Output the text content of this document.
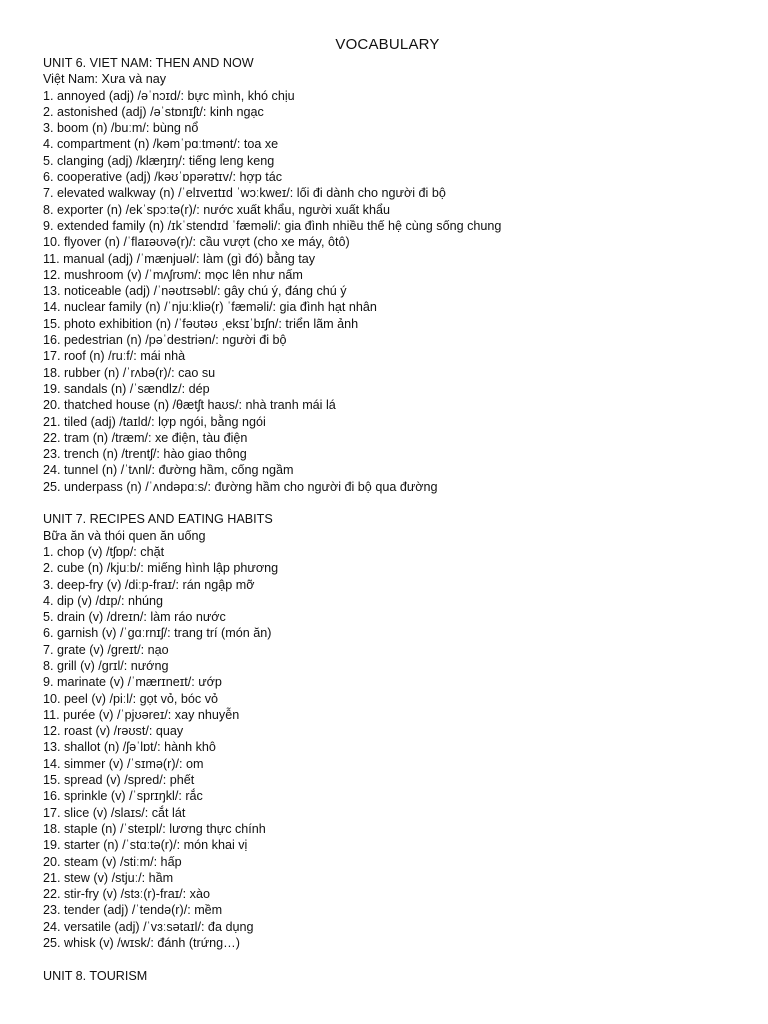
VOCABULARY
UNIT 6. VIET NAM: THEN AND NOW
Việt Nam: Xưa và nay
1. annoyed (adj) /əˈnɔɪd/: bực mình, khó chịu
2. astonished (adj) /əˈstɒnɪʃt/: kinh ngạc
3. boom (n) /buːm/: bùng nổ
4. compartment (n) /kəmˈpɑːtmənt/: toa xe
5. clanging (adj) /klæŋɪŋ/: tiếng leng keng
6. cooperative (adj) /kəʊˈɒpərətɪv/: hợp tác
7. elevated walkway (n) /ˈelɪveɪtɪd ˈwɔːkweɪ/: lối đi dành cho người đi bộ
8. exporter (n) /ekˈspɔːtə(r)/: nước xuất khẩu, người xuất khẩu
9. extended family (n) /ɪkˈstendɪd ˈfæməli/: gia đình nhiều thế hệ cùng sống chung
10. flyover (n) /ˈflaɪəʊvə(r)/: cầu vượt (cho xe máy, ôtô)
11. manual (adj) /ˈmænjuəl/: làm (gì đó) bằng tay
12. mushroom (v) /ˈmʌʃrʊm/: mọc lên như nấm
13. noticeable (adj) /ˈnəʊtɪsəbl/: gây chú ý, đáng chú ý
14. nuclear family (n) /ˈnjuːkliə(r) ˈfæməli/: gia đình hạt nhân
15. photo exhibition (n) /ˈfəʊtəʊ ˌeksɪˈbɪʃn/: triển lãm ảnh
16. pedestrian (n) /pəˈdestriən/: người đi bộ
17. roof (n) /ruːf/: mái nhà
18. rubber (n) /ˈrʌbə(r)/: cao su
19. sandals (n) /ˈsændlz/: dép
20. thatched house (n) /θætʃt haʊs/: nhà tranh mái lá
21. tiled (adj) /taɪld/: lợp ngói, bằng ngói
22. tram (n) /træm/: xe điện, tàu điện
23. trench (n) /trentʃ/: hào giao thông
24. tunnel (n) /ˈtʌnl/: đường hầm, cống ngầm
25. underpass (n) /ˈʌndəpɑːs/: đường hầm cho người đi bộ qua đường
UNIT 7. RECIPES AND EATING HABITS
Bữa ăn và thói quen ăn uống
1. chop (v) /tʃɒp/: chặt
2. cube (n) /kjuːb/: miếng hình lập phương
3. deep-fry (v) /diːp-fraɪ/: rán ngập mỡ
4. dip (v) /dɪp/: nhúng
5. drain (v) /dreɪn/: làm ráo nước
6. garnish (v) /ˈɡɑːrnɪʃ/: trang trí (món ăn)
7. grate (v) /ɡreɪt/: nạo
8. grill (v) /ɡrɪl/: nướng
9. marinate (v) /ˈmærɪneɪt/: ướp
10. peel (v) /piːl/: gọt vỏ, bóc vỏ
11. purée (v) /ˈpjʊəreɪ/: xay nhuyễn
12. roast (v) /rəʊst/: quay
13. shallot (n) /ʃəˈlɒt/: hành khô
14. simmer (v) /ˈsɪmə(r)/: om
15. spread (v) /spred/: phết
16. sprinkle (v) /ˈsprɪŋkl/: rắc
17. slice (v) /slaɪs/: cắt lát
18. staple (n) /ˈsteɪpl/: lương thực chính
19. starter (n) /ˈstɑːtə(r)/: món khai vị
20. steam (v) /stiːm/: hấp
21. stew (v) /stjuː/: hầm
22. stir-fry (v) /stɜː(r)-fraɪ/: xào
23. tender (adj) /ˈtendə(r)/: mềm
24. versatile (adj) /ˈvɜːsətaɪl/: đa dụng
25. whisk (v) /wɪsk/: đánh (trứng…)
UNIT 8. TOURISM
